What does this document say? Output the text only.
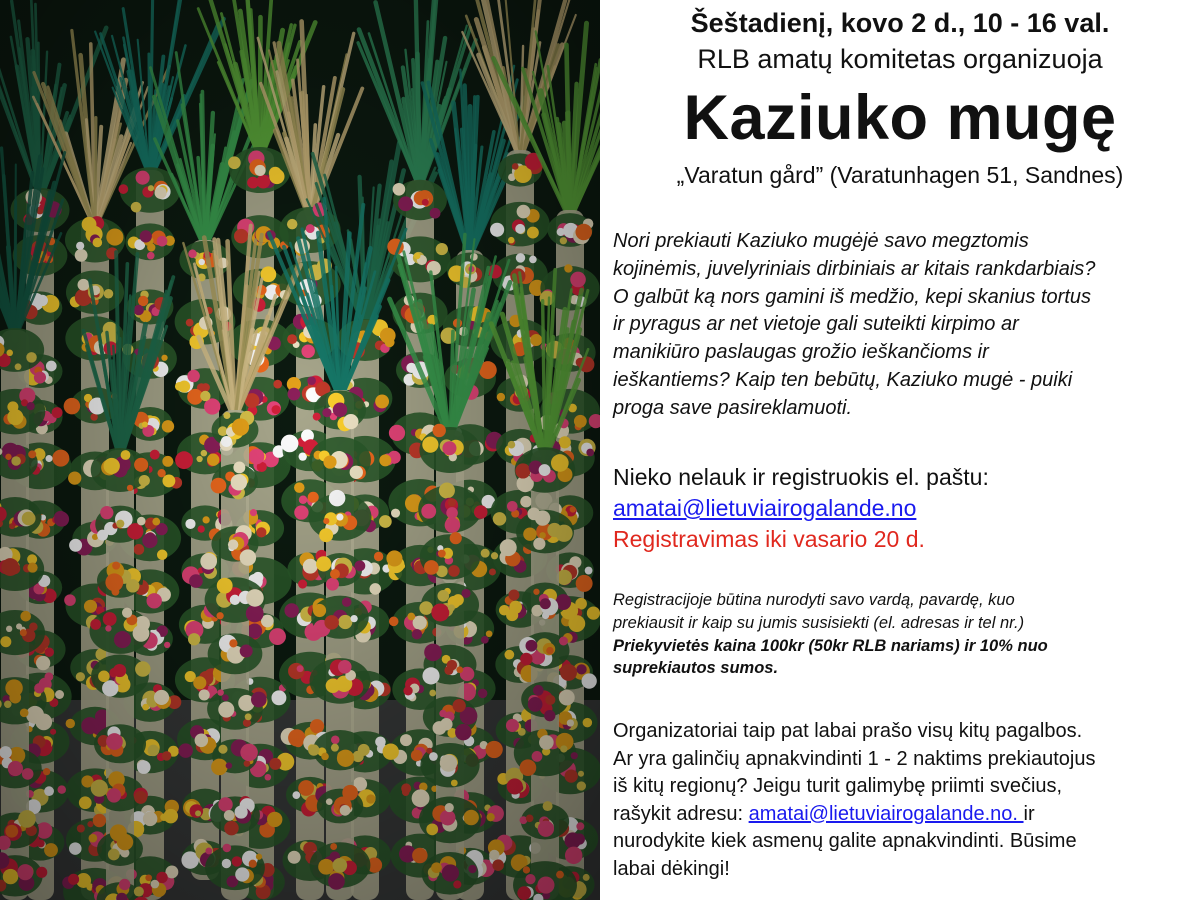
Šeštadienį, kovo 2 d., 10 - 16 val.
RLB amatų komitetas organizuoja
Kaziuko mugę
„Varatun gård” (Varatunhagen 51, Sandnes)
Nori prekiauti Kaziuko mugėjė savo megztomis
kojinėmis, juvelyriniais dirbiniais ar kitais rankdarbiais?
O galbūt ką nors gamini iš medžio, kepi skanius tortus
ir pyragus ar net vietoje gali suteikti kirpimo ar
manikiūro paslaugas grožio ieškančioms ir
ieškantiems? Kaip ten bebūtų, Kaziuko mugė - puiki
proga save pasireklamuoti.
Nieko nelauk ir registruokis el. paštu:
amatai@lietuviairogalande.no
Registravimas iki vasario 20 d.
Registracijoje būtina nurodyti savo vardą, pavardę, kuo
prekiausit ir kaip su jumis susisiekti (el. adresas ir tel nr.)
Priekyvietės kaina 100kr (50kr RLB nariams) ir 10% nuo
suprekiautos sumos.
Organizatoriai taip pat labai prašo visų kitų pagalbos.
Ar yra galinčių apnakvindinti 1 - 2 naktims prekiautojus
iš kitų regionų? Jeigu turit galimybę priimti svečius,
rašykit adresu: amatai@lietuviairogalande.no. ir
nurodykite kiek asmenų galite apnakvindinti. Būsime
labai dėkingi!
